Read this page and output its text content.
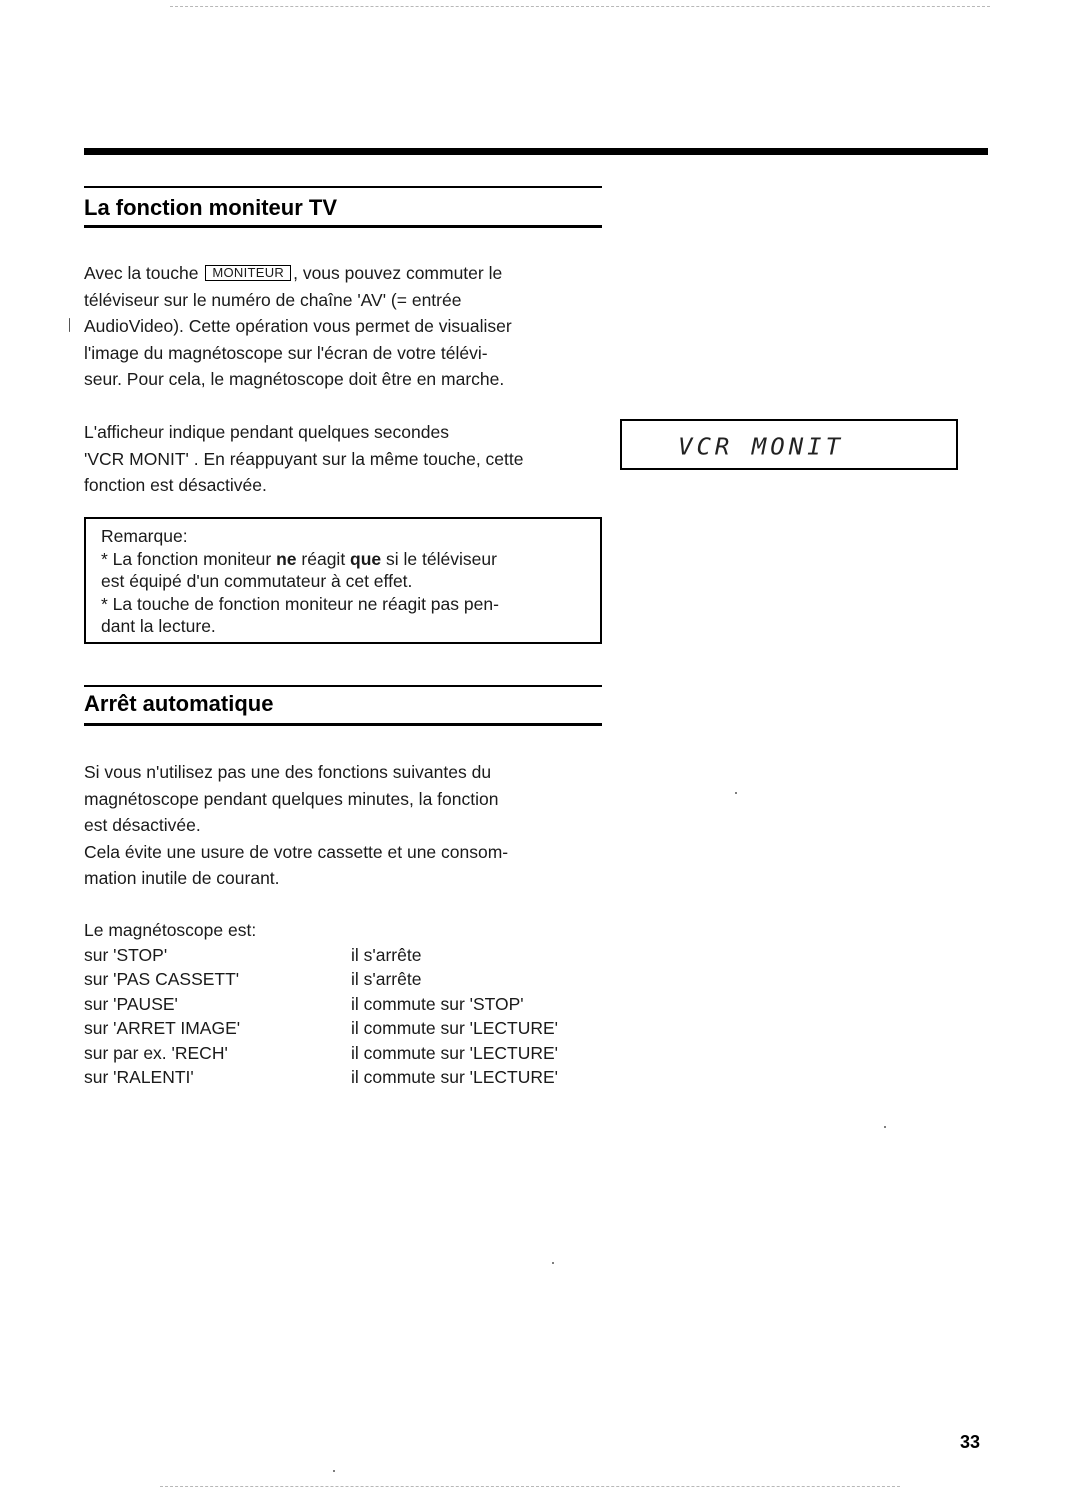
La fonction moniteur TV

Avec la touche MONITEUR , vous pouvez commuter le

téléviseur sur le numéro de chaîne 'AV' (= entrée

AudioVideo). Cette opération vous permet de visualiser

l'image du magnétoscope sur l'écran de votre télévi-

seur. Pour cela, le magnétoscope doit être en marche.

L'afficheur indique pendant quelques secondes

'VCR MONIT' . En réappuyant sur la même touche, cette

fonction est désactivée.

VCR MONIT
Remarque:
* La fonction moniteur ne réagit que si le téléviseur
est équipé d'un commutateur à cet effet.
* La touche de fonction moniteur ne réagit pas pen-
dant la lecture.
Arrêt automatique

Si vous n'utilisez pas une des fonctions suivantes du

magnétoscope pendant quelques minutes, la fonction

est désactivée.

Cela évite une usure de votre cassette et une consom-

mation inutile de courant.

Le magnétoscope est:
sur 'STOP'	il s'arrête
sur 'PAS CASSETT'	il s'arrête
sur 'PAUSE'	il commute sur 'STOP'
sur 'ARRET IMAGE'	il commute sur 'LECTURE'
sur par ex. 'RECH'	il commute sur 'LECTURE'
sur 'RALENTI'	il commute sur 'LECTURE'
33
